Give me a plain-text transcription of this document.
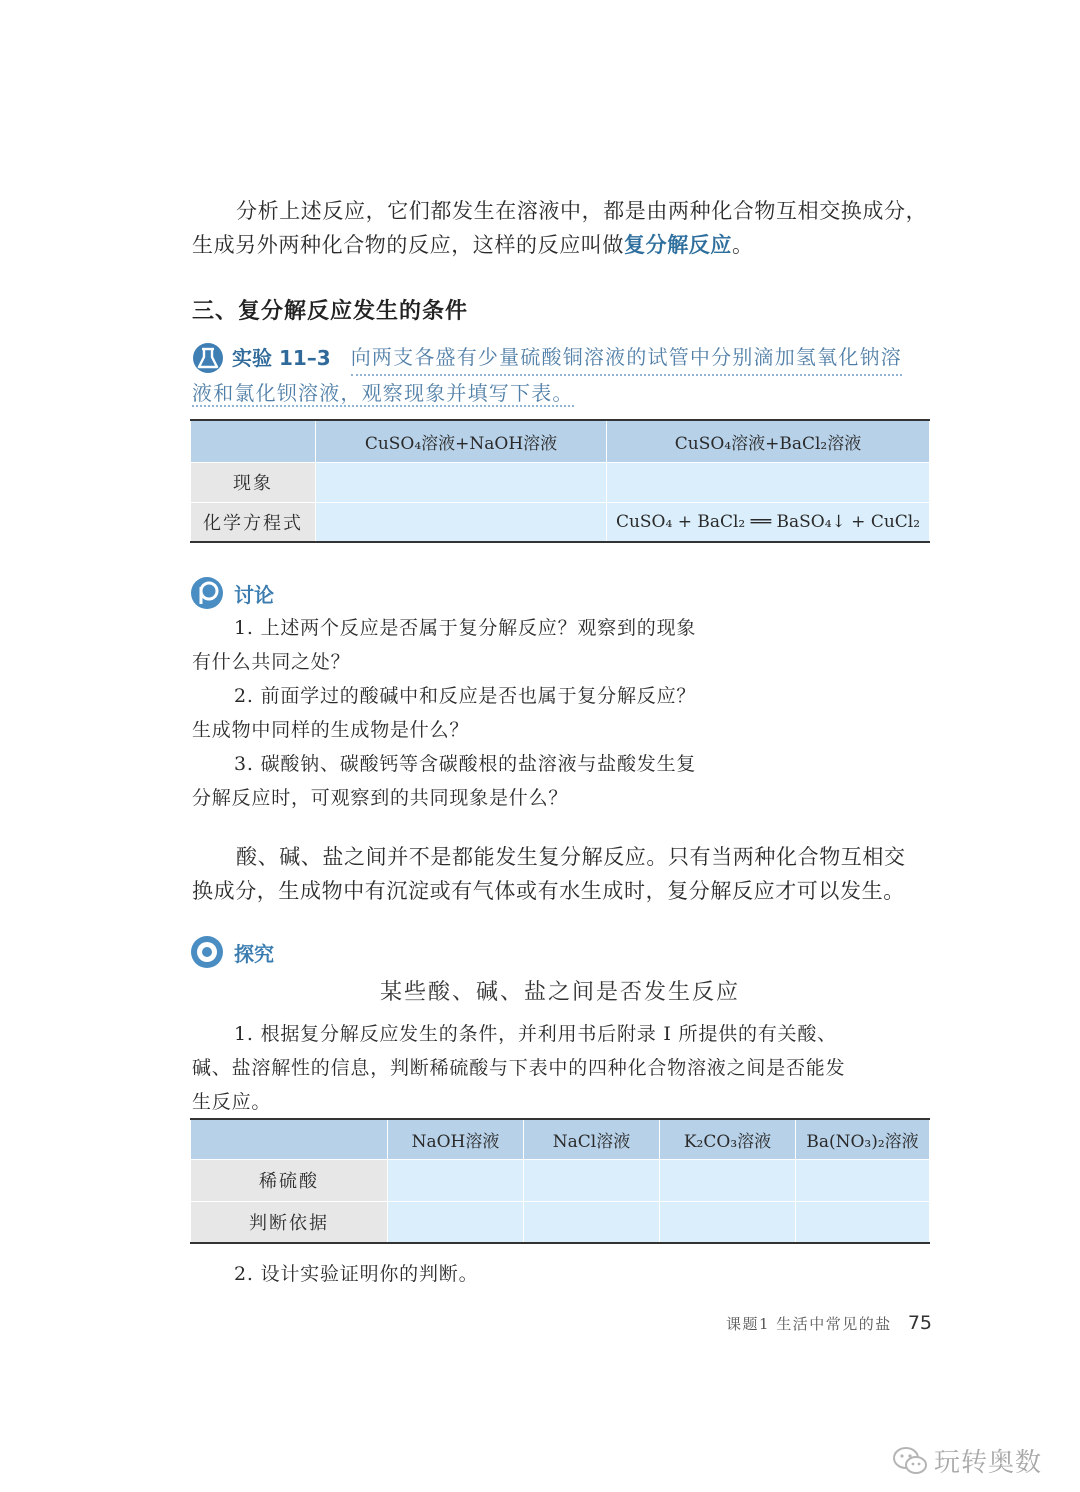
分析上述反应，它们都发生在溶液中，都是由两种化合物互相交换成分，
生成另外两种化合物的反应，这样的反应叫做复分解反应。
三、复分解反应发生的条件
实验 11–3 向两支各盛有少量硫酸铜溶液的试管中分别滴加氢氧化钠溶
液和氯化钡溶液，观察现象并填写下表。
	CuSO₄溶液+NaOH溶液	CuSO₄溶液+BaCl₂溶液
现象		
化学方程式		CuSO₄ + BaCl₂ ══ BaSO₄↓ + CuCl₂
讨论
1. 上述两个反应是否属于复分解反应？观察到的现象
有什么共同之处？
2. 前面学过的酸碱中和反应是否也属于复分解反应？
生成物中同样的生成物是什么？
3. 碳酸钠、碳酸钙等含碳酸根的盐溶液与盐酸发生复
分解反应时，可观察到的共同现象是什么？
酸、碱、盐之间并不是都能发生复分解反应。只有当两种化合物互相交
换成分，生成物中有沉淀或有气体或有水生成时，复分解反应才可以发生。
探究
某些酸、碱、盐之间是否发生反应
1. 根据复分解反应发生的条件，并利用书后附录 I 所提供的有关酸、
碱、盐溶解性的信息，判断稀硫酸与下表中的四种化合物溶液之间是否能发
生反应。
	NaOH溶液	NaCl溶液	K₂CO₃溶液	Ba(NO₃)₂溶液
稀硫酸				
判断依据				
2. 设计实验证明你的判断。
课题1 生活中常见的盐 75
玩转奥数
